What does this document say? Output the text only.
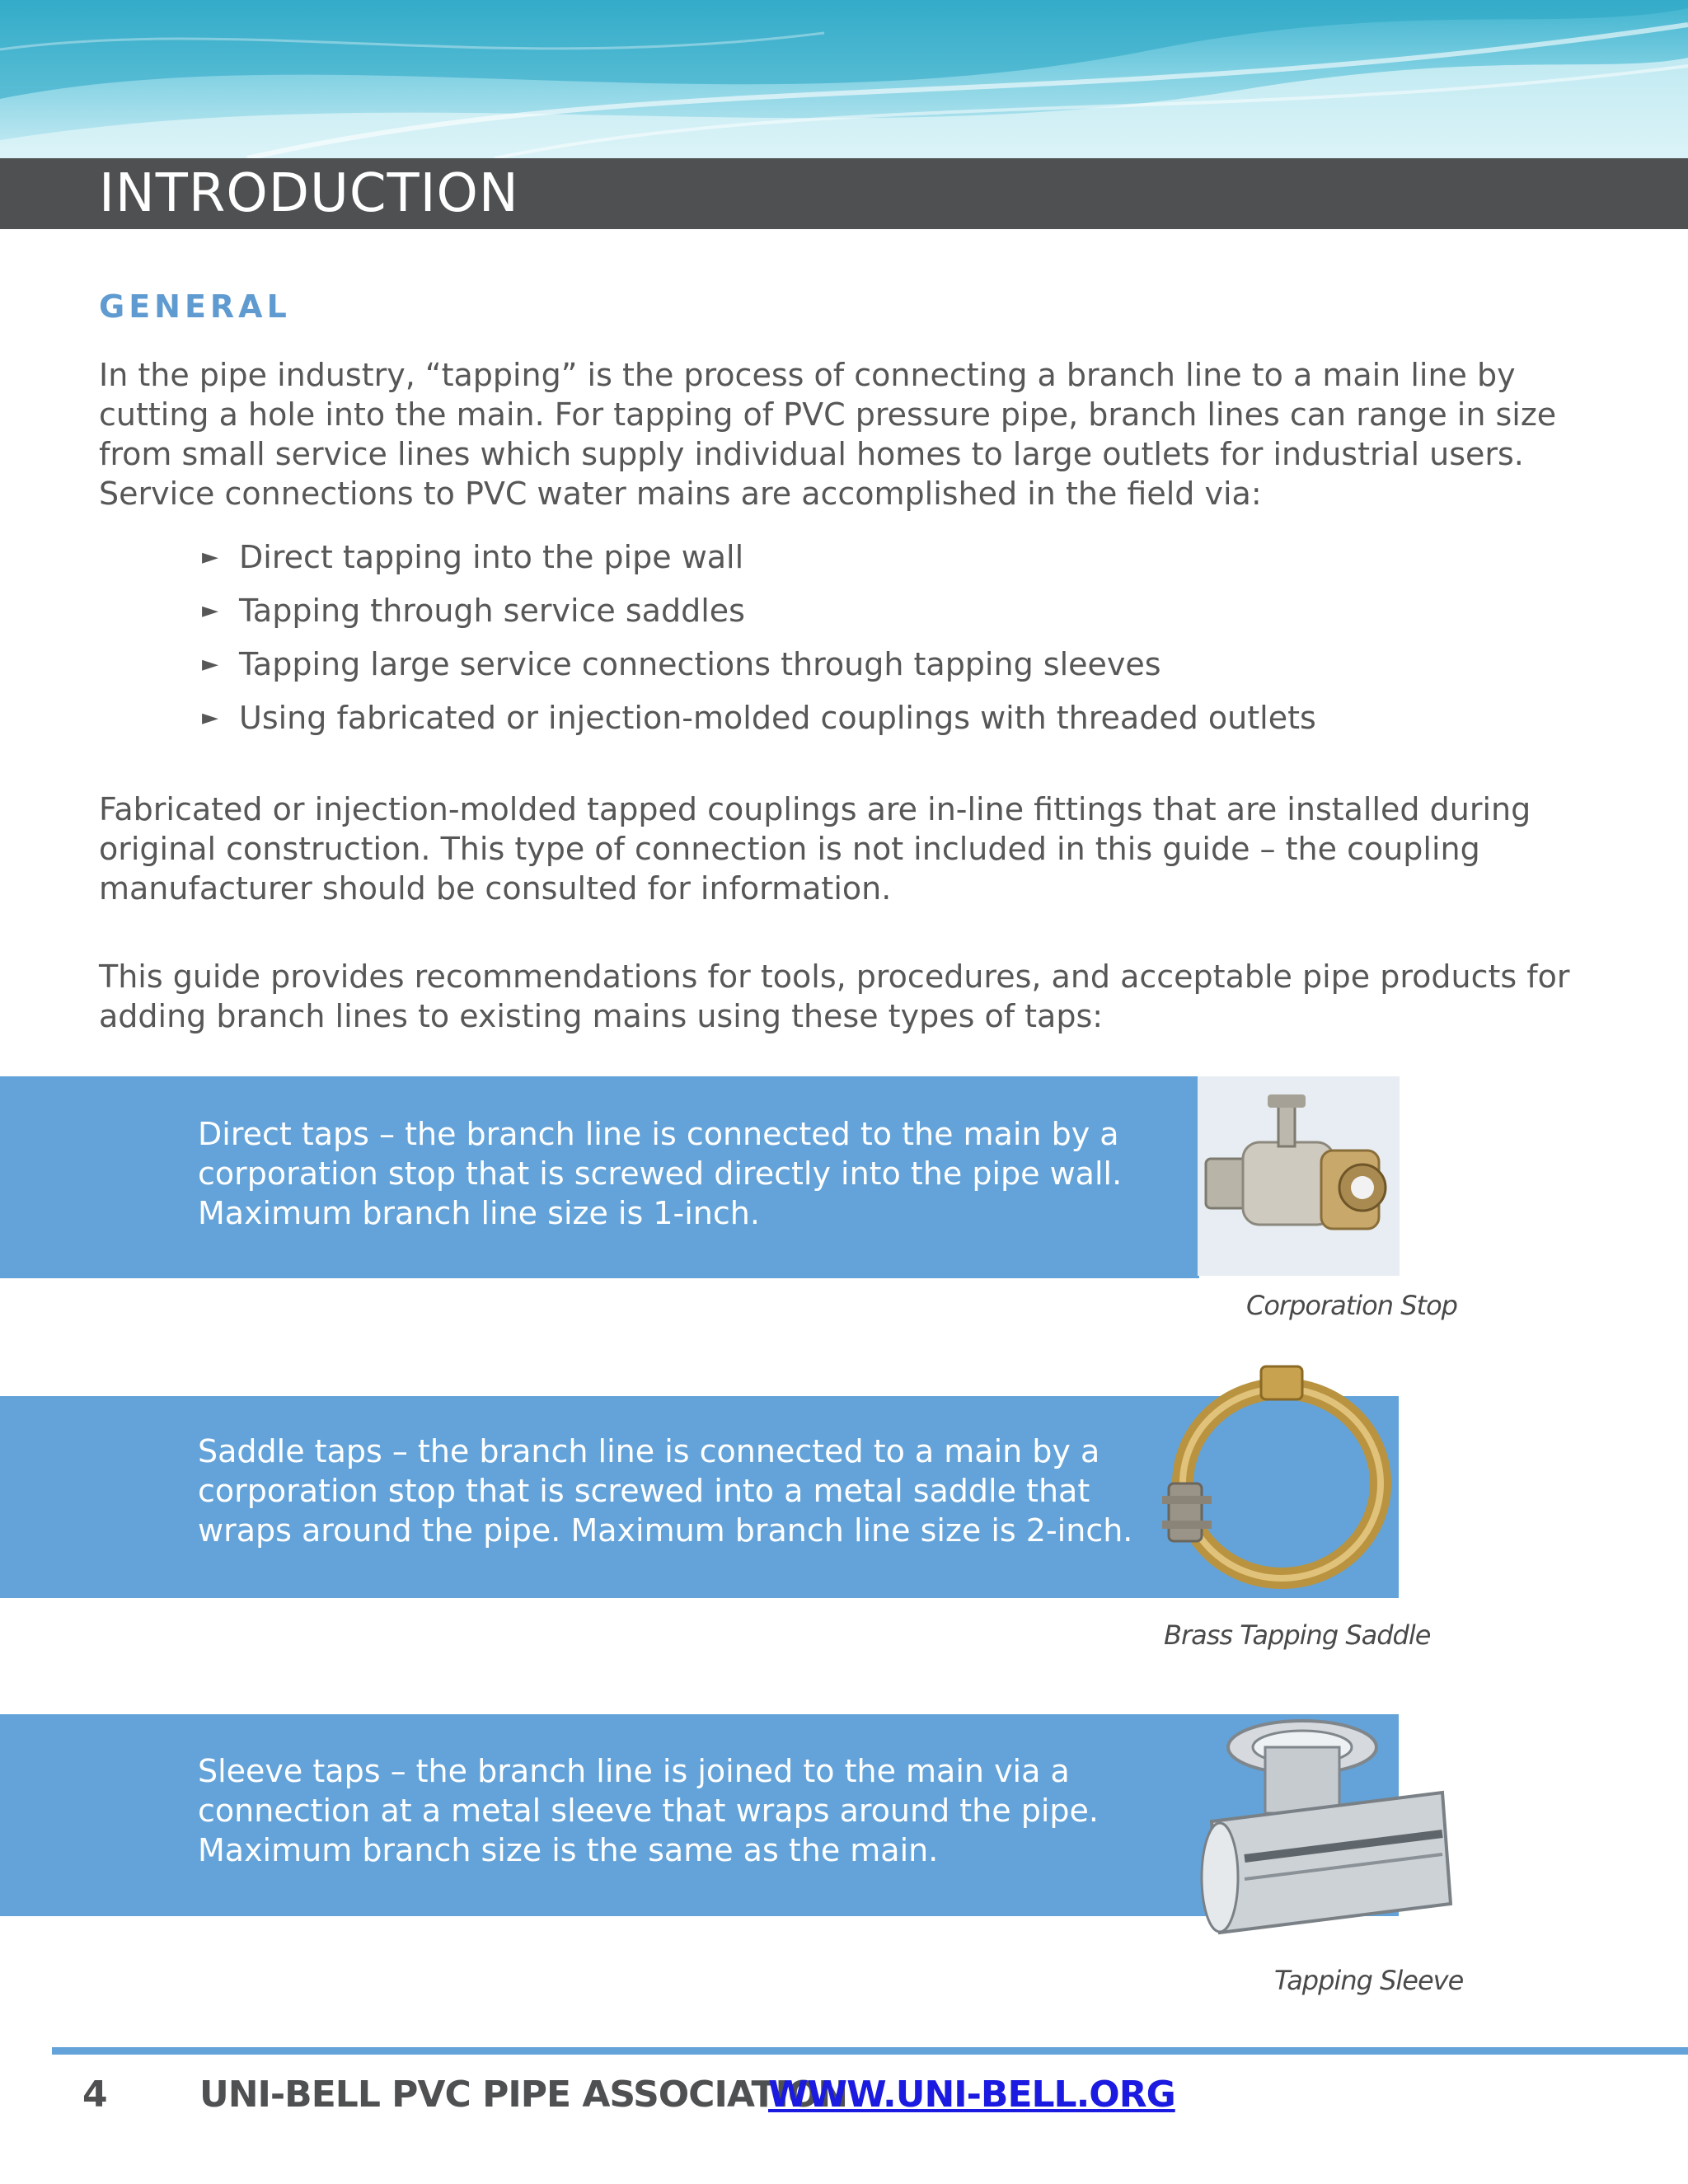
INTRODUCTION
GENERAL

In the pipe industry, “tapping” is the process of connecting a branch line to a main line by cutting a hole into the main. For tapping of PVC pressure pipe, branch lines can range in size from small service lines which supply individual homes to large outlets for industrial users. Service connections to PVC water mains are accomplished in the field via:

► Direct tapping into the pipe wall
► Tapping through service saddles
► Tapping large service connections through tapping sleeves
► Using fabricated or injection-molded couplings with threaded outlets

Fabricated or injection-molded tapped couplings are in-line fittings that are installed during original construction. This type of connection is not included in this guide – the coupling manufacturer should be consulted for information.

This guide provides recommendations for tools, procedures, and acceptable pipe products for adding branch lines to existing mains using these types of taps:

Direct taps – the branch line is connected to the main by a corporation stop that is screwed directly into the pipe wall. Maximum branch line size is 1-inch.

Corporation Stop

Saddle taps – the branch line is connected to a main by a corporation stop that is screwed into a metal saddle that wraps around the pipe. Maximum branch line size is 2-inch.

Brass Tapping Saddle

Sleeve taps – the branch line is joined to the main via a connection at a metal sleeve that wraps around the pipe. Maximum branch size is the same as the main.

Tapping Sleeve
4	UNI-BELL PVC PIPE ASSOCIATION
WWW.UNI-BELL.ORG
